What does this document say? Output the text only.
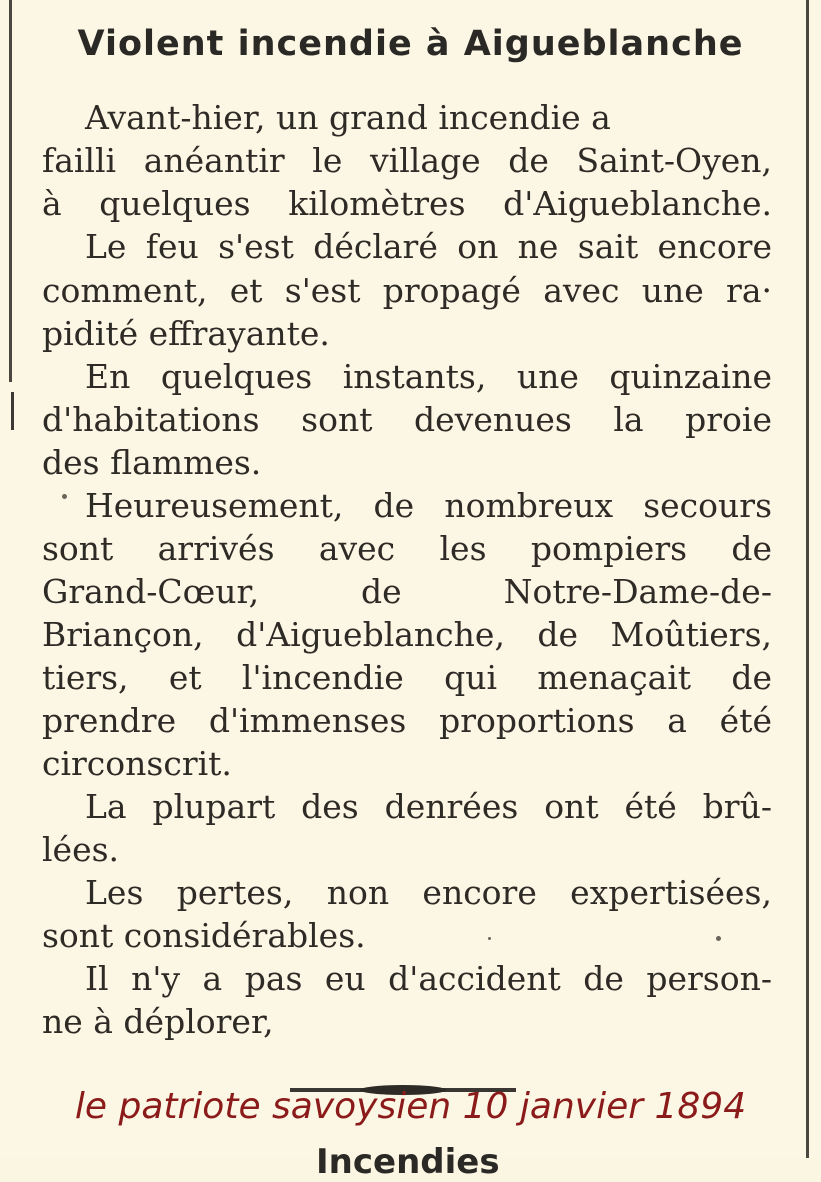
Violent incendie à Aigueblanche

Avant-hier, un grand incendie a

failli anéantir le village de Saint-Oyen,

à quelques kilomètres d'Aigueblanche.

Le feu s'est déclaré on ne sait encore

comment, et s'est propagé avec une ra·

pidité effrayante.

En quelques instants, une quinzaine

d'habitations sont devenues la proie

des flammes.

Heureusement, de nombreux secours

sont arrivés avec les pompiers de

Grand-Cœur, de Notre-Dame-de-

Briançon, d'Aigueblanche, de Moûtiers,

tiers, et l'incendie qui menaçait de

prendre d'immenses proportions a été

circonscrit.

La plupart des denrées ont été brû-

lées.

Les pertes, non encore expertisées,

sont considérables.

Il n'y a pas eu d'accident de person-

ne à déplorer,

le patriote savoysien 10 janvier 1894

Incendies
